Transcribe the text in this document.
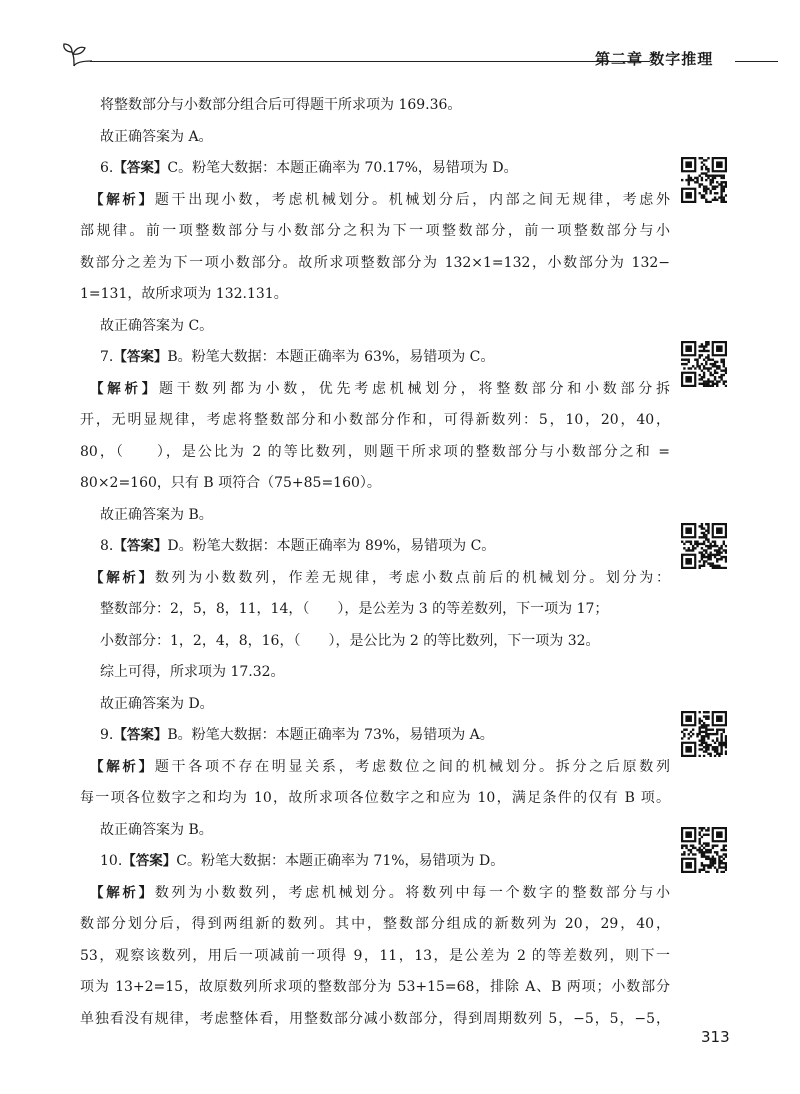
第二章 数字推理
将整数部分与小数部分组合后可得题干所求项为 169.36。
故正确答案为 A。
6.【答案】C。粉笔大数据：本题正确率为 70.17%，易错项为 D。
【解析】题干出现小数，考虑机械划分。机械划分后，内部之间无规律，考虑外
部规律。前一项整数部分与小数部分之积为下一项整数部分，前一项整数部分与小
数部分之差为下一项小数部分。故所求项整数部分为 132×1=132，小数部分为 132−
1=131，故所求项为 132.131。
故正确答案为 C。
7.【答案】B。粉笔大数据：本题正确率为 63%，易错项为 C。
【解析】题干数列都为小数，优先考虑机械划分，将整数部分和小数部分拆
开，无明显规律，考虑将整数部分和小数部分作和，可得新数列：5，10，20，40，
80，（　　），是公比为 2 的等比数列，则题干所求项的整数部分与小数部分之和 =
80×2=160，只有 B 项符合（75+85=160）。
故正确答案为 B。
8.【答案】D。粉笔大数据：本题正确率为 89%，易错项为 C。
【解析】数列为小数数列，作差无规律，考虑小数点前后的机械划分。划分为：
整数部分：2，5，8，11，14，（　　），是公差为 3 的等差数列，下一项为 17；
小数部分：1，2，4，8，16，（　　），是公比为 2 的等比数列，下一项为 32。
综上可得，所求项为 17.32。
故正确答案为 D。
9.【答案】B。粉笔大数据：本题正确率为 73%，易错项为 A。
【解析】题干各项不存在明显关系，考虑数位之间的机械划分。拆分之后原数列
每一项各位数字之和均为 10，故所求项各位数字之和应为 10，满足条件的仅有 B 项。
故正确答案为 B。
10.【答案】C。粉笔大数据：本题正确率为 71%，易错项为 D。
【解析】数列为小数数列，考虑机械划分。将数列中每一个数字的整数部分与小
数部分划分后，得到两组新的数列。其中，整数部分组成的新数列为 20，29，40，
53，观察该数列，用后一项减前一项得 9，11，13，是公差为 2 的等差数列，则下一
项为 13+2=15，故原数列所求项的整数部分为 53+15=68，排除 A、B 两项；小数部分
单独看没有规律，考虑整体看，用整数部分减小数部分，得到周期数列 5，−5，5，−5，
313
